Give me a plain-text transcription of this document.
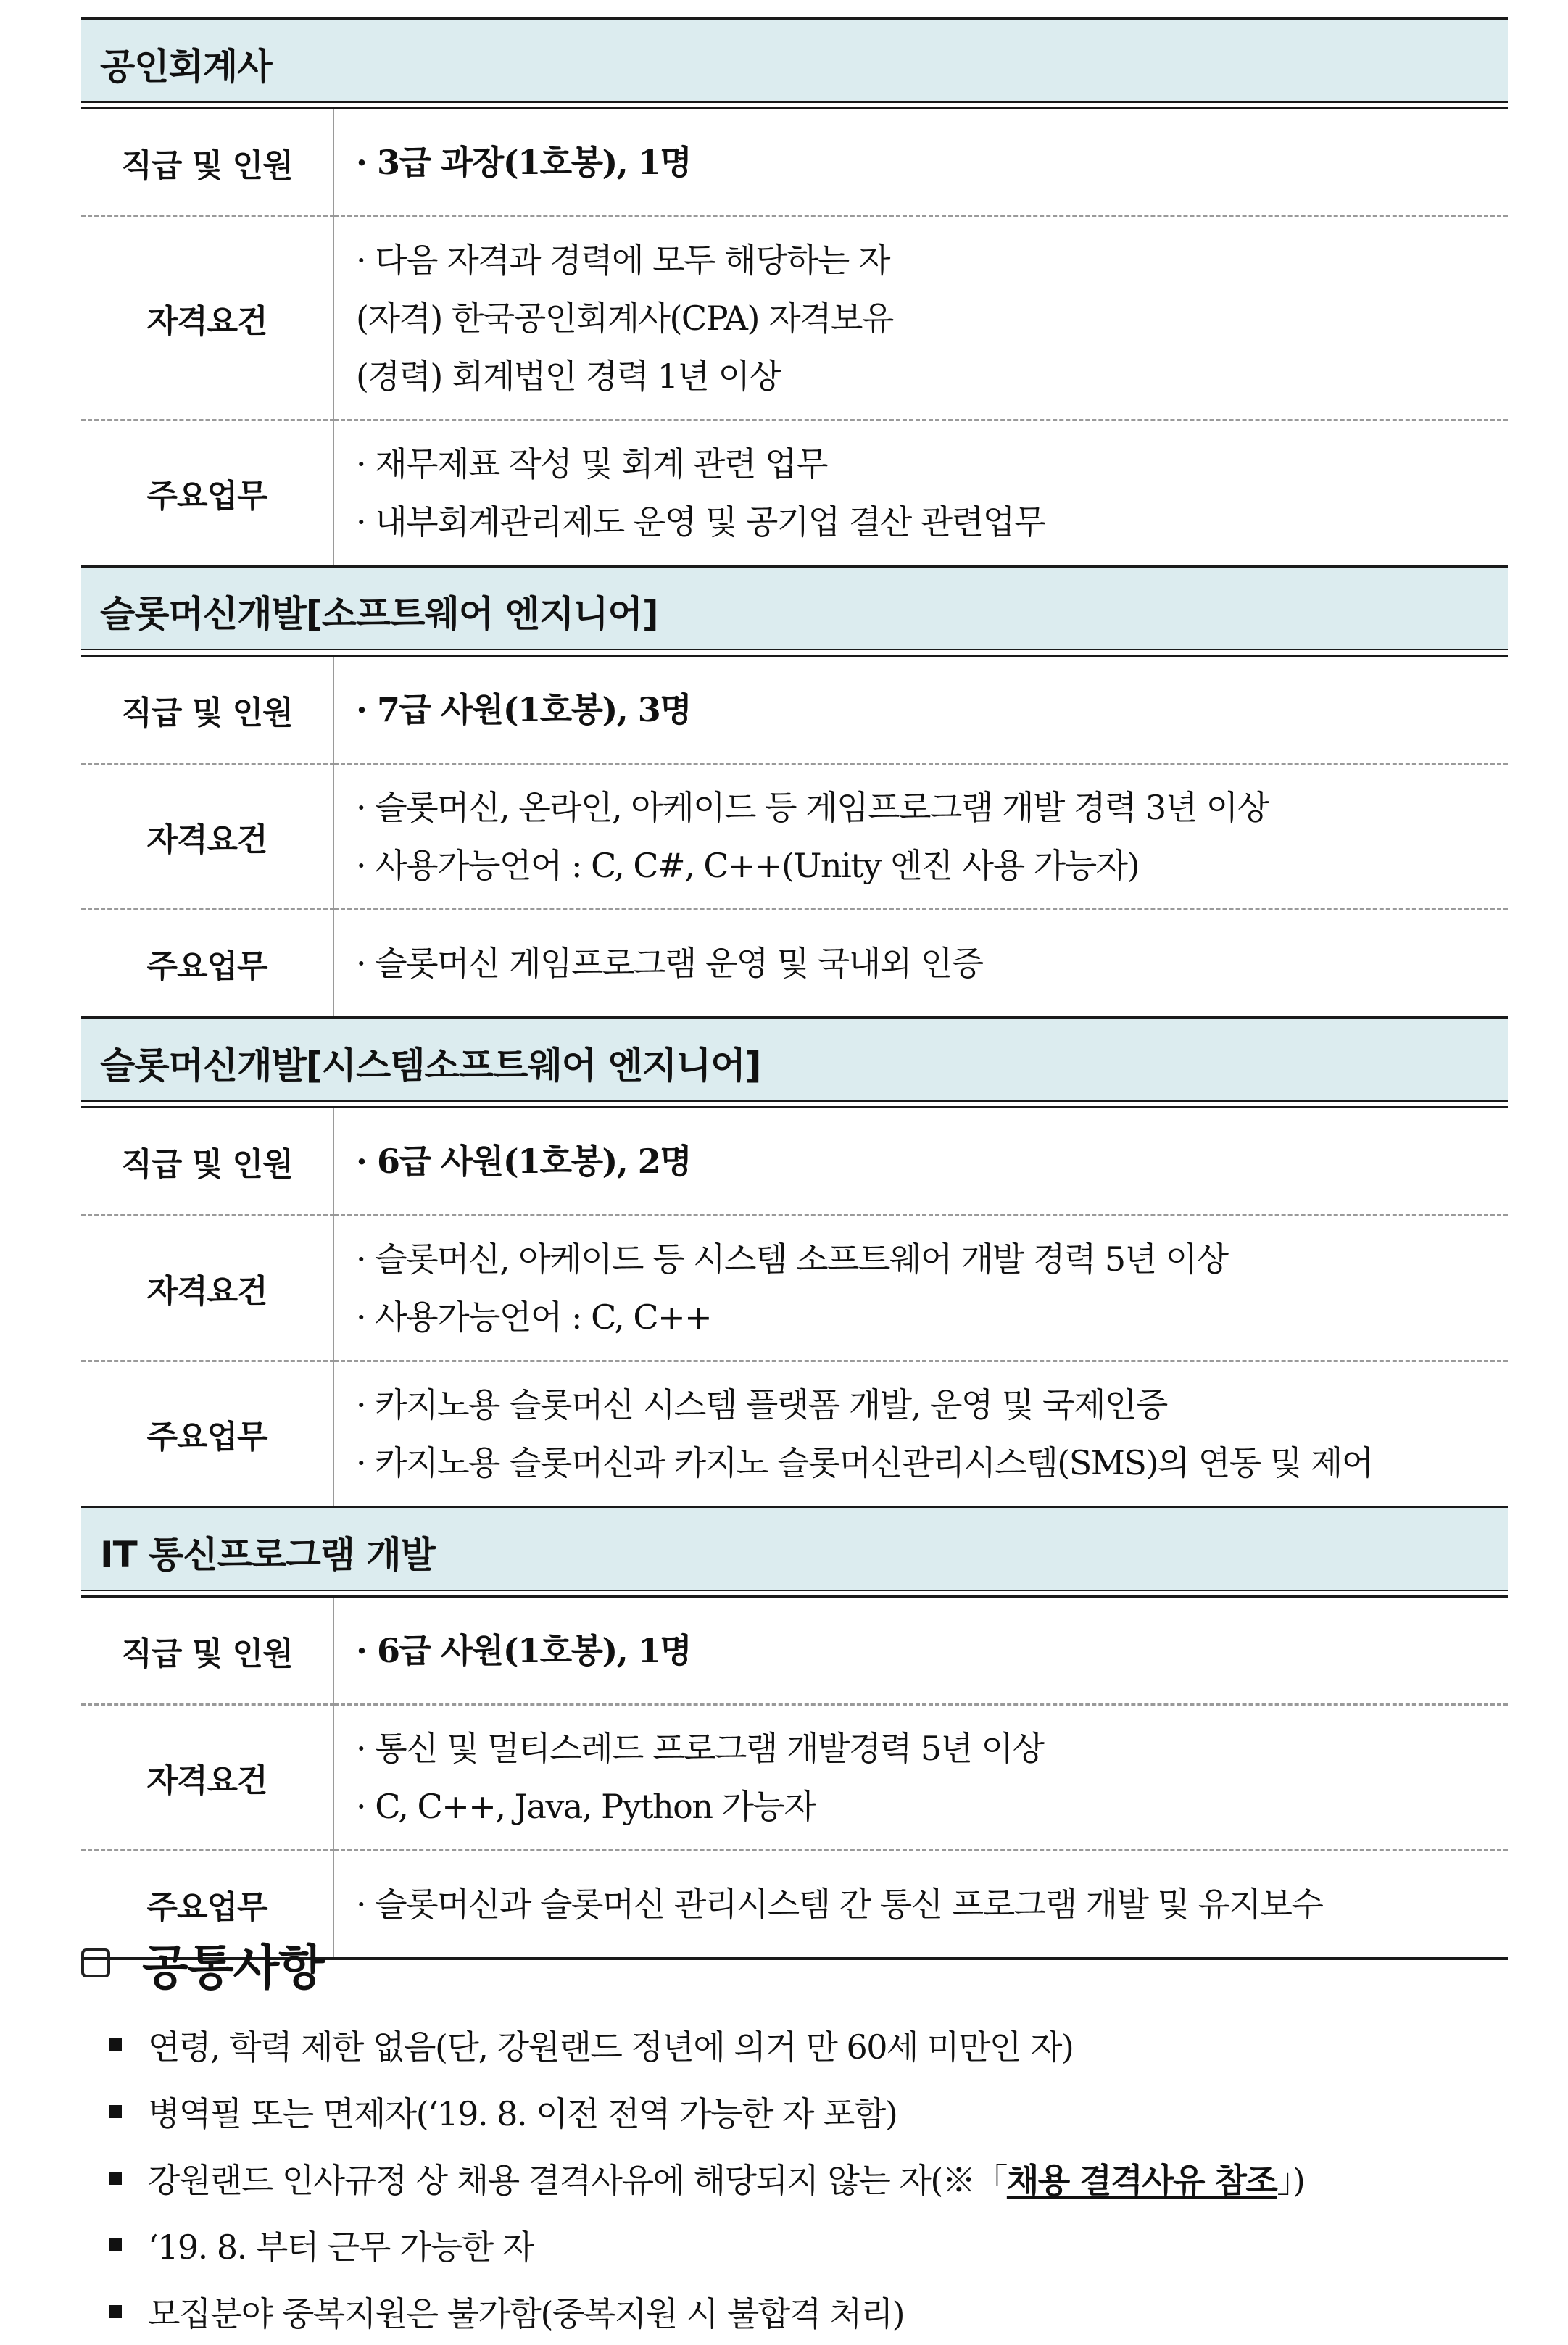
공인회계사	
직급 및 인원	· 3급 과장(1호봉), 1명

자격요건	· 다음 자격과 경력에 모두 해당하는 자
(자격) 한국공인회계사(CPA) 자격보유
(경력) 회계법인 경력 1년 이상

주요업무	· 재무제표 작성 및 회계 관련 업무
· 내부회계관리제도 운영 및 공기업 결산 관련업무

슬롯머신개발[소프트웨어 엔지니어]	
직급 및 인원	· 7급 사원(1호봉), 3명

자격요건	· 슬롯머신, 온라인, 아케이드 등 게임프로그램 개발 경력 3년 이상
· 사용가능언어 : C, C#, C++(Unity 엔진 사용 가능자)

주요업무	· 슬롯머신 게임프로그램 운영 및 국내외 인증

슬롯머신개발[시스템소프트웨어 엔지니어]	
직급 및 인원	· 6급 사원(1호봉), 2명

자격요건	· 슬롯머신, 아케이드 등 시스템 소프트웨어 개발 경력 5년 이상
· 사용가능언어 : C, C++

주요업무	· 카지노용 슬롯머신 시스템 플랫폼 개발, 운영 및 국제인증
· 카지노용 슬롯머신과 카지노 슬롯머신관리시스템(SMS)의 연동 및 제어

IT 통신프로그램 개발	
직급 및 인원	· 6급 사원(1호봉), 1명

자격요건	· 통신 및 멀티스레드 프로그램 개발경력 5년 이상
· C, C++, Java, Python 가능자

주요업무	· 슬롯머신과 슬롯머신 관리시스템 간 통신 프로그램 개발 및 유지보수
공통사항
연령, 학력 제한 없음(단, 강원랜드 정년에 의거 만 60세 미만인 자)
병역필 또는 면제자(‘19. 8. 이전 전역 가능한 자 포함)
강원랜드 인사규정 상 채용 결격사유에 해당되지 않는 자(※「 채용 결격사유 참조 」)
‘19. 8. 부터 근무 가능한 자
모집분야 중복지원은 불가함(중복지원 시 불합격 처리)
